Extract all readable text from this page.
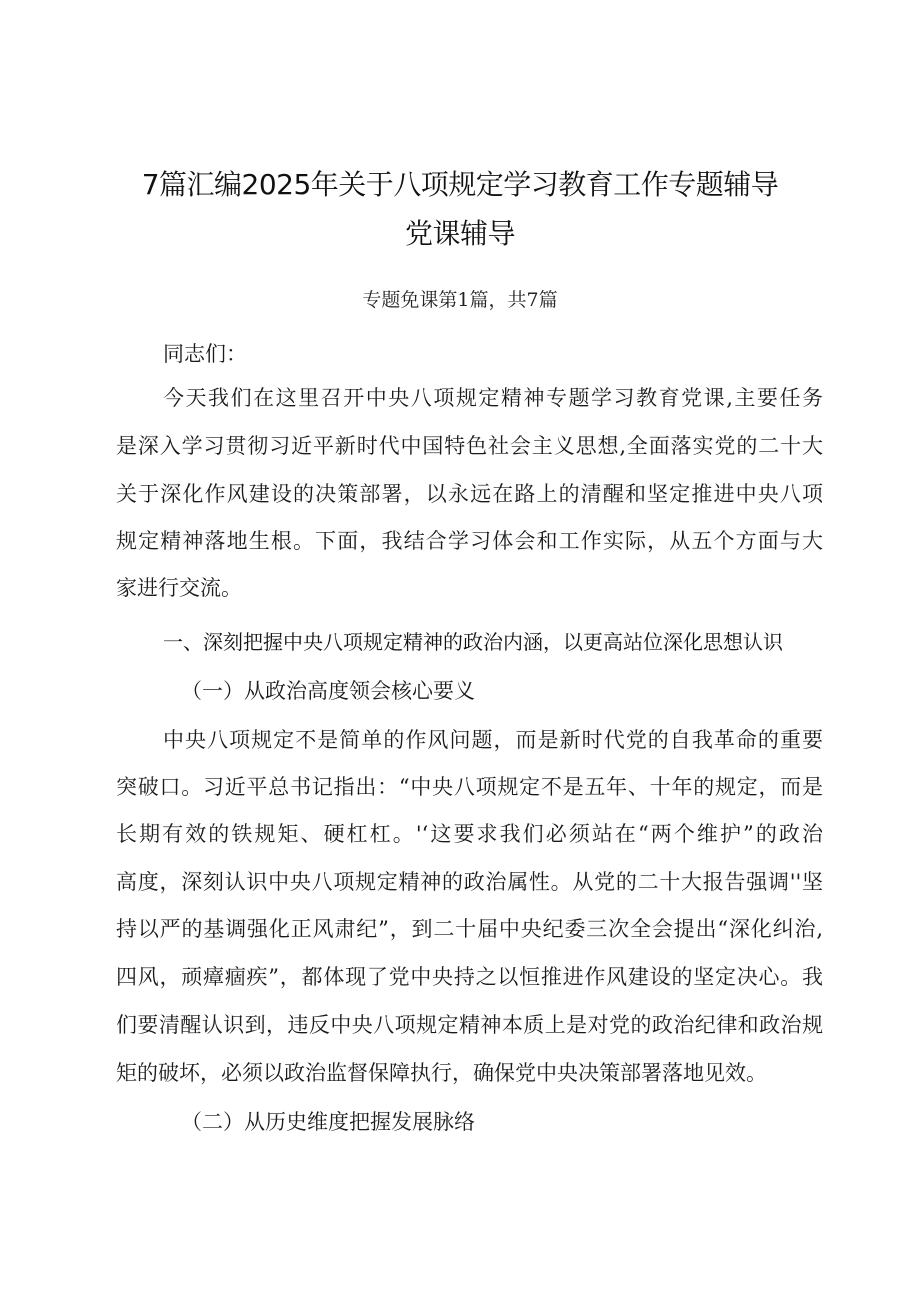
7篇汇编2025年关于八项规定学习教育工作专题辅导
党课辅导
专题免课第1篇，共7篇
同志们：
今天我们在这里召开中央八项规定精神专题学习教育党课,主要任务
是深入学习贯彻习近平新时代中国特色社会主义思想,全面落实党的二十大
关于深化作风建设的决策部署，以永远在路上的清醒和坚定推进中央八项
规定精神落地生根。下面，我结合学习体会和工作实际，从五个方面与大
家进行交流。
一、深刻把握中央八项规定精神的政治内涵，以更高站位深化思想认识
（一）从政治高度领会核心要义
中央八项规定不是简单的作风问题，而是新时代党的自我革命的重要
突破口。习近平总书记指出：“中央八项规定不是五年、十年的规定，而是
长期有效的铁规矩、硬杠杠。'‘这要求我们必须站在“两个维护”的政治
高度，深刻认识中央八项规定精神的政治属性。从党的二十大报告强调''坚
持以严的基调强化正风肃纪”，到二十届中央纪委三次全会提出“深化纠治,
四风，顽瘴痼疾”，都体现了党中央持之以恒推进作风建设的坚定决心。我
们要清醒认识到，违反中央八项规定精神本质上是对党的政治纪律和政治规
矩的破坏，必须以政治监督保障执行，确保党中央决策部署落地见效。
（二）从历史维度把握发展脉络
